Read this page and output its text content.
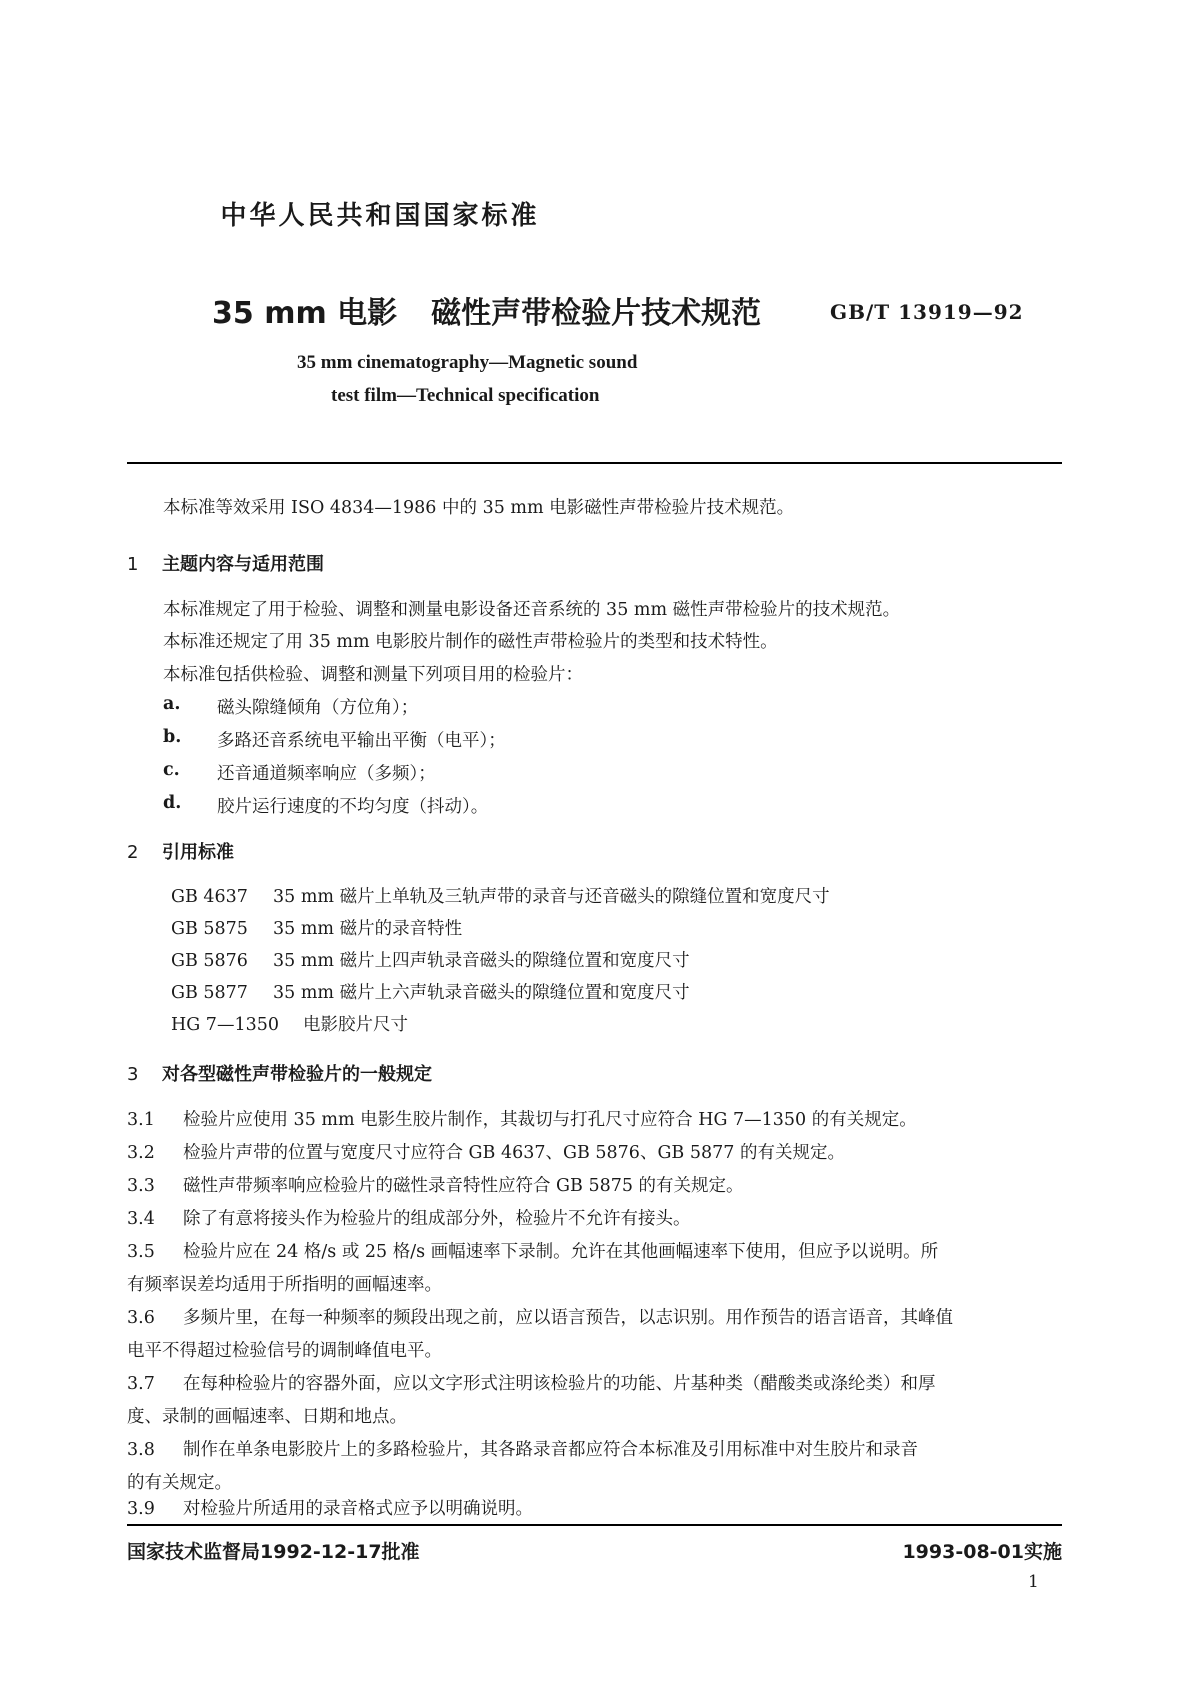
中华人民共和国国家标准
35 mm 电影 磁性声带检验片技术规范	GB/T 13919—92
35 mm cinematography—Magnetic sound
test film—Technical specification
本标准等效采用 ISO 4834—1986 中的 35 mm 电影磁性声带检验片技术规范。
1 主题内容与适用范围
本标准规定了用于检验、调整和测量电影设备还音系统的 35 mm 磁性声带检验片的技术规范。
本标准还规定了用 35 mm 电影胶片制作的磁性声带检验片的类型和技术特性。
本标准包括供检验、调整和测量下列项目用的检验片：
a. 磁头隙缝倾角（方位角）；
b. 多路还音系统电平输出平衡（电平）；
c. 还音通道频率响应（多频）；
d. 胶片运行速度的不均匀度（抖动）。
2 引用标准
GB 4637 35 mm 磁片上单轨及三轨声带的录音与还音磁头的隙缝位置和宽度尺寸
GB 5875 35 mm 磁片的录音特性
GB 5876 35 mm 磁片上四声轨录音磁头的隙缝位置和宽度尺寸
GB 5877 35 mm 磁片上六声轨录音磁头的隙缝位置和宽度尺寸
HG 7—1350 电影胶片尺寸
3 对各型磁性声带检验片的一般规定
3.1 检验片应使用 35 mm 电影生胶片制作，其裁切与打孔尺寸应符合 HG 7—1350 的有关规定。
3.2 检验片声带的位置与宽度尺寸应符合 GB 4637、GB 5876、GB 5877 的有关规定。
3.3 磁性声带频率响应检验片的磁性录音特性应符合 GB 5875 的有关规定。
3.4 除了有意将接头作为检验片的组成部分外，检验片不允许有接头。
3.5 检验片应在 24 格/s 或 25 格/s 画幅速率下录制。允许在其他画幅速率下使用，但应予以说明。所
有频率误差均适用于所指明的画幅速率。
3.6 多频片里，在每一种频率的频段出现之前，应以语言预告，以志识别。用作预告的语言语音，其峰值
电平不得超过检验信号的调制峰值电平。
3.7 在每种检验片的容器外面，应以文字形式注明该检验片的功能、片基种类（醋酸类或涤纶类）和厚
度、录制的画幅速率、日期和地点。
3.8 制作在单条电影胶片上的多路检验片，其各路录音都应符合本标准及引用标准中对生胶片和录音
的有关规定。
3.9 对检验片所适用的录音格式应予以明确说明。
国家技术监督局1992-12-17批准	1993-08-01实施
1
